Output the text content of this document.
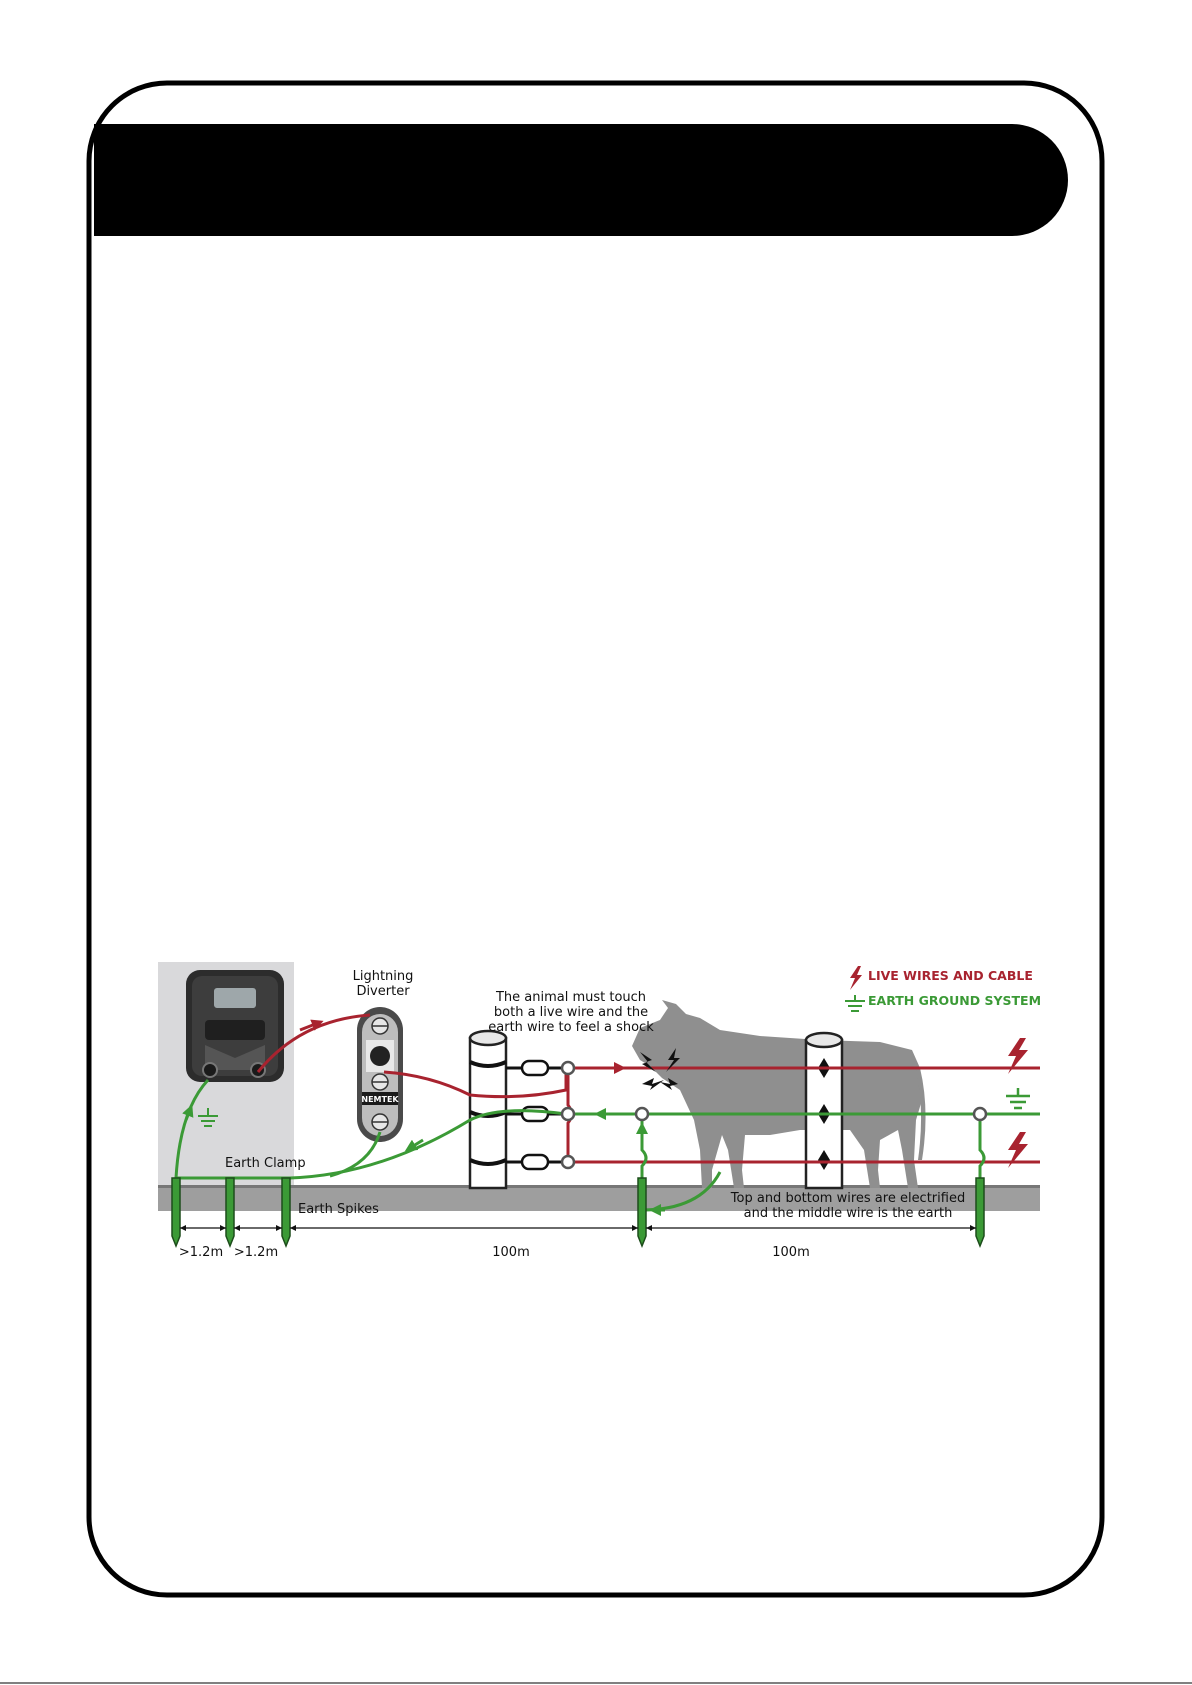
NEMTEK
LIVE WIRES AND CABLE
EARTH GROUND SYSTEM
Lightning
Diverter	The animal must touch
both a live wire and the
earth wire to feel a shock
Earth Clamp
Earth Spikes
Top and bottom wires are electrified
and the middle wire is the earth
>1.2m >1.2m	100m	100m
